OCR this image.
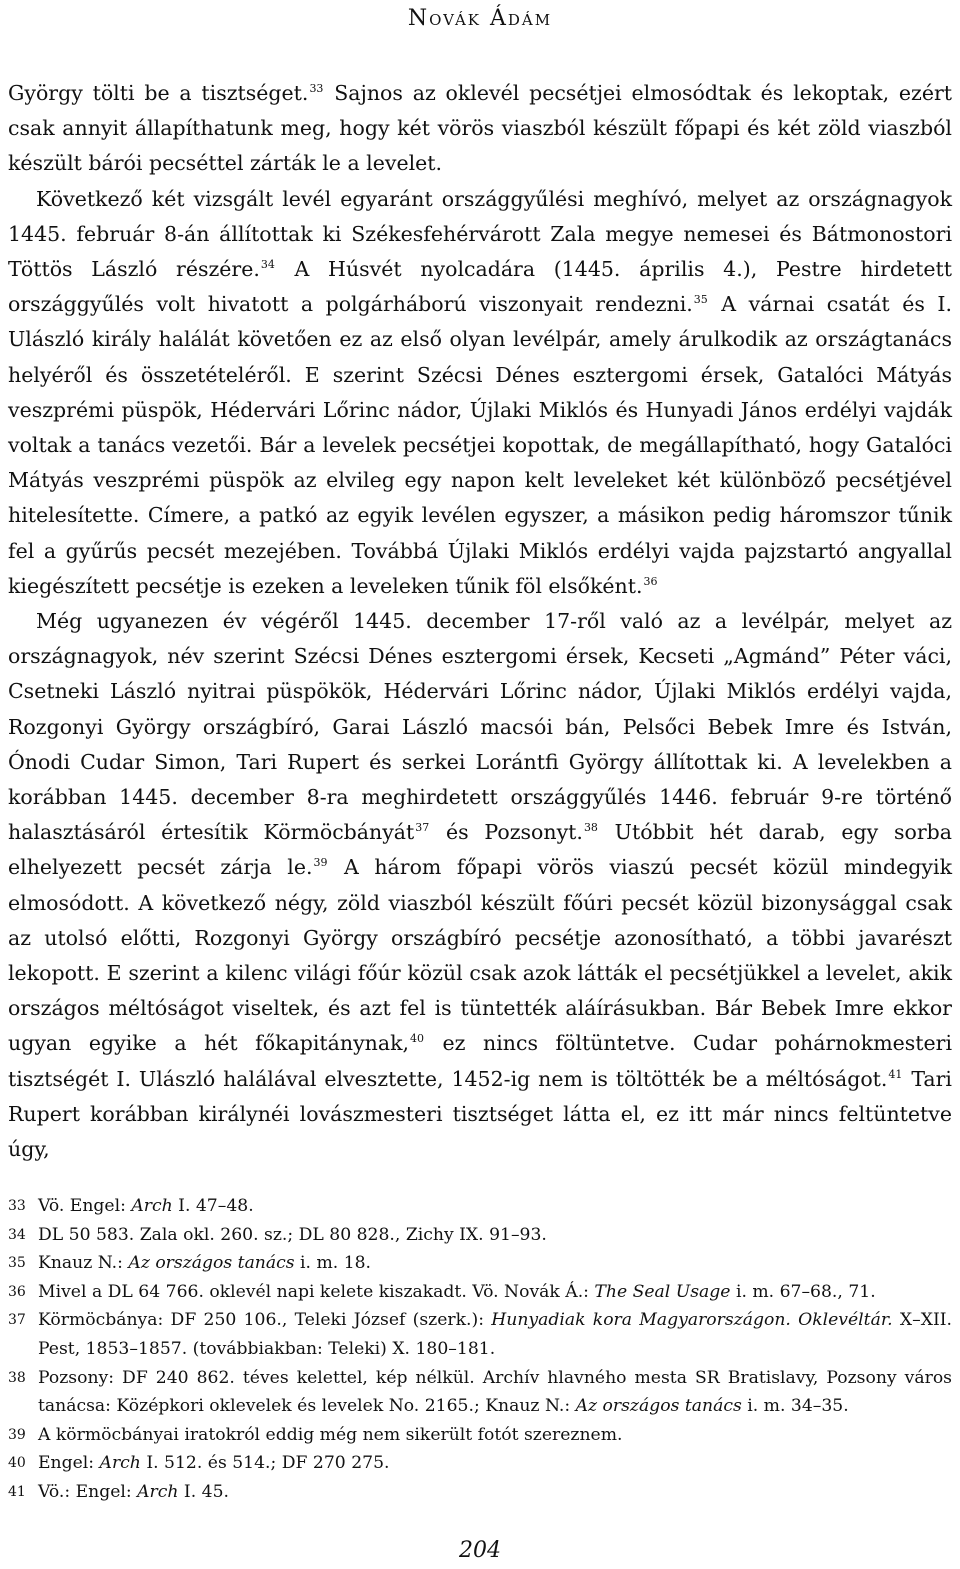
Novák Ádám

György tölti be a tisztséget.$^{33}$ Sajnos az oklevél pecsétjei elmosódtak és lekoptak, ezért csak annyit állapíthatunk meg, hogy két vörös viaszból készült főpapi és két zöld viaszból készült bárói pecséttel zárták le a levelet.

Következő két vizsgált levél egyaránt országgyűlési meghívó, melyet az országnagyok 1445. február 8-án állítottak ki Székesfehérvárott Zala megye nemesei és Bátmonostori Töttös László részére.$^{34}$ A Húsvét nyolcadára (1445. április 4.), Pestre hirdetett országgyűlés volt hivatott a polgárháború viszonyait rendezni.$^{35}$ A várnai csatát és I. Ulászló király halálát követően ez az első olyan levélpár, amely árulkodik az országtanács helyéről és összetételéről. E szerint Szécsi Dénes esztergomi érsek, Gatalóci Mátyás veszprémi püspök, Hédervári Lőrinc nádor, Újlaki Miklós és Hunyadi János erdélyi vajdák voltak a tanács vezetői. Bár a levelek pecsétjei kopottak, de megállapítható, hogy Gatalóci Mátyás veszprémi püspök az elvileg egy napon kelt leveleket két különböző pecsétjével hitelesítette. Címere, a patkó az egyik levélen egyszer, a másikon pedig háromszor tűnik fel a gyűrűs pecsét mezejében. Továbbá Újlaki Miklós erdélyi vajda pajzstartó angyallal kiegészített pecsétje is ezeken a leveleken tűnik föl elsőként.$^{36}$

Még ugyanezen év végéről 1445. december 17-ről való az a levélpár, melyet az országnagyok, név szerint Szécsi Dénes esztergomi érsek, Kecseti „Agmánd” Péter váci, Csetneki László nyitrai püspökök, Hédervári Lőrinc nádor, Újlaki Miklós erdélyi vajda, Rozgonyi György országbíró, Garai László macsói bán, Pelsőci Bebek Imre és István, Ónodi Cudar Simon, Tari Rupert és serkei Lorántfi György állítottak ki. A levelekben a korábban 1445. december 8-ra meghirdetett országgyűlés 1446. február 9-re történő halasztásáról értesítik Körmöcbányát$^{37}$ és Pozsonyt.$^{38}$ Utóbbit hét darab, egy sorba elhelyezett pecsét zárja le.$^{39}$ A három főpapi vörös viaszú pecsét közül mindegyik elmosódott. A következő négy, zöld viaszból készült főúri pecsét közül bizonysággal csak az utolsó előtti, Rozgonyi György országbíró pecsétje azonosítható, a többi javarészt lekopott. E szerint a kilenc világi főúr közül csak azok látták el pecsétjükkel a levelet, akik országos méltóságot viseltek, és azt fel is tüntették aláírásukban. Bár Bebek Imre ekkor ugyan egyike a hét főkapitánynak,$^{40}$ ez nincs föltüntetve. Cudar pohárnokmesteri tisztségét I. Ulászló halálával elvesztette, 1452-ig nem is töltötték be a méltóságot.$^{41}$ Tari Rupert korábban királynéi lovászmesteri tisztséget látta el, ez itt már nincs feltüntetve úgy,

33 Vö. Engel: Arch I. 47–48.
34 DL 50 583. Zala okl. 260. sz.; DL 80 828., Zichy IX. 91–93.
35 Knauz N.: Az országos tanács i. m. 18.
36 Mivel a DL 64 766. oklevél napi kelete kiszakadt. Vö. Novák Á.: The Seal Usage i. m. 67–68., 71.
37 Körmöcbánya: DF 250 106., Teleki József (szerk.): Hunyadiak kora Magyarországon. Oklevéltár. X–XII. Pest, 1853–1857. (továbbiakban: Teleki) X. 180–181.
38 Pozsony: DF 240 862. téves kelettel, kép nélkül. Archív hlavného mesta SR Bratislavy, Pozsony város tanácsa: Középkori oklevelek és levelek No. 2165.; Knauz N.: Az országos tanács i. m. 34–35.
39 A körmöcbányai iratokról eddig még nem sikerült fotót szereznem.
40 Engel: Arch I. 512. és 514.; DF 270 275.
41 Vö.: Engel: Arch I. 45.
204
